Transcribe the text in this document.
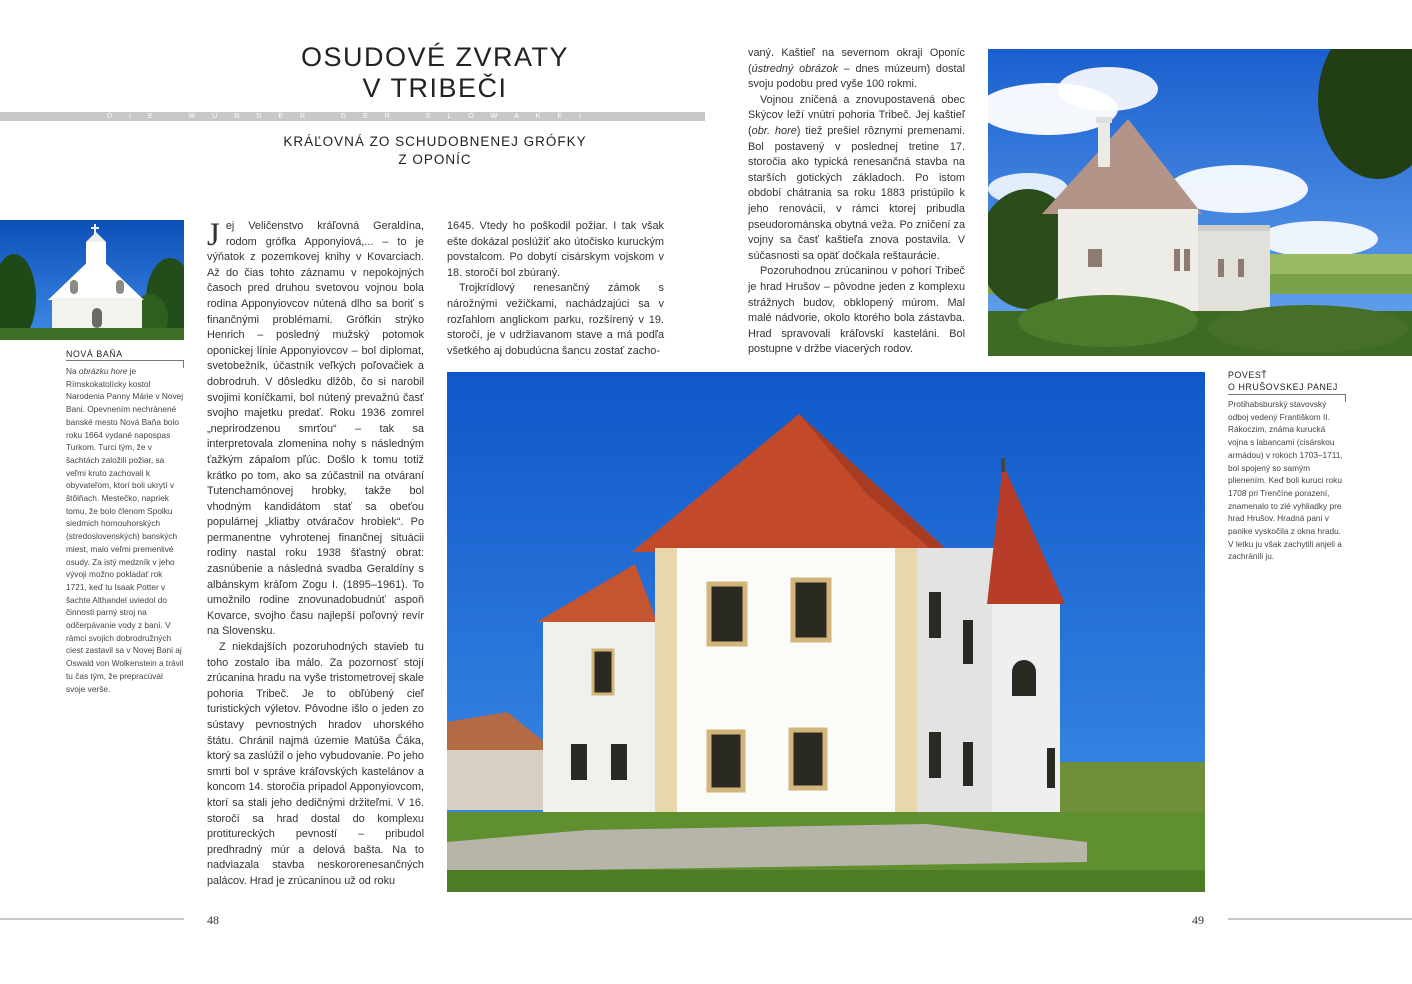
OSUDOVÉ ZVRATY
V TRIBEČI
DIE WUNDER DER SLOWAKEI
KRÁĽOVNÁ ZO SCHUDOBNENEJ GRÓFKY
Z OPONÍC
NOVÁ BAŇA
Na obrázku hore je Rímskokatolícky kostol Narodenia Panny Márie v Novej Bani. Opevnením nechránené banské mesto Nová Baňa bolo roku 1664 vydané napospas Turkom. Turci tým, že v šachtách založili požiar, sa veľmi kruto zachovali k obyvateľom, ktorí boli ukrytí v štôlňach. Mestečko, napriek tomu, že bolo členom Spolku siedmich hornouhorských (stredoslovenských) banských miest, malo veľmi premenlivé osudy. Za istý medzník v jeho vývoji možno pokladať rok 1721, keď tu Isaak Potter v šachte Althandel uviedol do činnosti parný stroj na odčerpávanie vody z baní. V rámci svojich dobrodružných ciest zastavil sa v Novej Bani aj Oswald von Wolkenstein a trávil tu čas tým, že prepracúval svoje verše.

Jej Veličenstvo kráľovná Geraldína, rodom grófka Apponyiová,... – to je výňatok z pozemkovej knihy v Kovarciach. Až do čias tohto záznamu v nepokojných časoch pred druhou svetovou vojnou bola rodina Apponyiovcov nútená dlho sa boriť s finančnými problémami. Grófkin strýko Henrich – posledný mužský potomok oponickej línie Apponyiovcov – bol diplomat, svetobežník, účastník veľkých poľovačiek a dobrodruh. V dôsledku dlžôb, čo si narobil svojimi koníčkami, bol nútený prevažnú časť svojho majetku predať. Roku 1936 zomrel „neprirodzenou smrťou“ – tak sa interpretovala zlomenina nohy s následným ťažkým zápalom pľúc. Došlo k tomu totiž krátko po tom, ako sa zúčastnil na otváraní Tutenchamónovej hrobky, takže bol vhodným kandidátom stať sa obeťou populárnej „kliatby otváračov hrobiek“. Po permanentne vyhrotenej finančnej situácii rodiny nastal roku 1938 šťastný obrat: zasnúbenie a následná svadba Geraldíny s albánskym kráľom Zogu I. (1895–1961). To umožnilo rodine znovunadobudnúť aspoň Kovarce, svojho času najlepší poľovný revír na Slovensku.

Z niekdajších pozoruhodných stavieb tu toho zostalo iba málo. Za pozornosť stojí zrúcanina hradu na vyše tristometrovej skale pohoria Tribeč. Je to obľúbený cieľ turistických výletov. Pôvodne išlo o jeden zo sústavy pevnostných hradov uhorského štátu. Chránil najmä územie Matúša Čáka, ktorý sa zaslúžil o jeho vybudovanie. Po jeho smrti bol v správe kráľovských kastelánov a koncom 14. storočia pripadol Apponyiovcom, ktorí sa stali jeho dedičnými držiteľmi. V 16. storočí sa hrad dostal do komplexu protitureckých pevností – pribudol predhradný múr a delová bašta. Na to nadviazala stavba neskororenesančných palácov. Hrad je zrúcaninou už od roku

1645. Vtedy ho poškodil požiar. I tak však ešte dokázal poslúžiť ako útočisko kuruckým povstalcom. Po dobytí cisárskym vojskom v 18. storočí bol zbúraný.

Trojkrídlový renesančný zámok s nárožnými vežičkami, nachádzajúci sa v rozľahlom anglickom parku, rozšírený v 19. storočí, je v udržiavanom stave a má podľa všetkého aj dobudúcna šancu zostať zacho-

vaný. Kaštieľ na severnom okraji Oponíc (ústredný obrázok – dnes múzeum) dostal svoju podobu pred vyše 100 rokmi.

Vojnou zničená a znovupostavená obec Skýcov leží vnútri pohoria Tribeč. Jej kaštieľ (obr. hore) tiež prešiel rôznymi premenami. Bol postavený v poslednej tretine 17. storočia ako typická renesančná stavba na starších gotických základoch. Po istom období chátrania sa roku 1883 pristúpilo k jeho renovácii, v rámci ktorej pribudla pseudorománska obytná veža. Po zničení za vojny sa časť kaštieľa znova postavila. V súčasnosti sa opäť dočkala reštaurácie.

Pozoruhodnou zrúcaninou v pohorí Tribeč je hrad Hrušov – pôvodne jeden z komplexu strážnych budov, obklopený múrom. Mal malé nádvorie, okolo ktorého bola zástavba. Hrad spravovali kráľovskí kasteláni. Bol postupne v držbe viacerých rodov.

POVESŤ
O HRUŠOVSKEJ PANEJ
Protihabsburský stavovský odboj vedený Františkom II. Rákoczim, známa kurucká vojna s labancami (cisárskou armádou) v rokoch 1703–1711, bol spojený so samým plienením. Keď boli kuruci roku 1708 pri Trenčíne porazení, znamenalo to zlé vyhliadky pre hrad Hrušov. Hradná pani v panike vyskočila z okna hradu. V letku ju však zachytili anjeli a zachránili ju.
48	49
